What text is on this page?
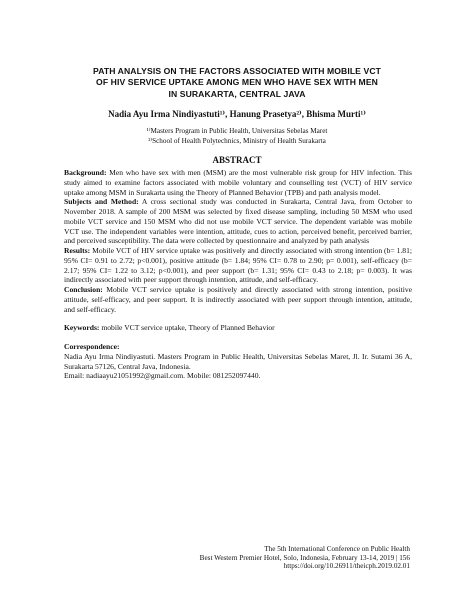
PATH ANALYSIS ON THE FACTORS ASSOCIATED WITH MOBILE VCT
OF HIV SERVICE UPTAKE AMONG MEN WHO HAVE SEX WITH MEN
IN SURAKARTA, CENTRAL JAVA
Nadia Ayu Irma Nindiyastuti¹⁾, Hanung Prasetya²⁾, Bhisma Murti¹⁾
¹⁾Masters Program in Public Health, Universitas Sebelas Maret
²⁾School of Health Polytechnics, Ministry of Health Surakarta
ABSTRACT

Background: Men who have sex with men (MSM) are the most vulnerable risk group for HIV infection. This study aimed to examine factors associated with mobile voluntary and counselling test (VCT) of HIV service uptake among MSM in Surakarta using the Theory of Planned Behavior (TPB) and path analysis model.

Subjects and Method: A cross sectional study was conducted in Surakarta, Central Java, from October to November 2018. A sample of 200 MSM was selected by fixed disease sampling, including 50 MSM who used mobile VCT service and 150 MSM who did not use mobile VCT service. The dependent variable was mobile VCT use. The independent variables were intention, attitude, cues to action, perceived benefit, perceived barrier, and perceived susceptibility. The data were collected by questionnaire and analyzed by path analysis

Results: Mobile VCT of HIV service uptake was positively and directly associated with strong intention (b= 1.81; 95% CI= 0.91 to 2.72; p<0.001), positive attitude (b= 1.84; 95% CI= 0.78 to 2.90; p= 0.001), self-efficacy (b= 2.17; 95% CI= 1.22 to 3.12; p<0.001), and peer support (b= 1.31; 95% CI= 0.43 to 2.18; p= 0.003). It was indirectly associated with peer support through intention, attitude, and self-efficacy.

Conclusion: Mobile VCT service uptake is positively and directly associated with strong intention, positive attitude, self-efficacy, and peer support. It is indirectly associated with peer support through intention, attitude, and self-efficacy.

Keywords: mobile VCT service uptake, Theory of Planned Behavior

Correspondence:

Nadia Ayu Irma Nindiyastuti. Masters Program in Public Health, Universitas Sebelas Maret, Jl. Ir. Sutami 36 A, Surakarta 57126, Central Java, Indonesia.

Email: nadiaayu21051992@gmail.com. Mobile: 081252097440.

The 5th International Conference on Public Health
Best Western Premier Hotel, Solo, Indonesia, February 13-14, 2019 | 156
https://doi.org/10.26911/theicph.2019.02.01
